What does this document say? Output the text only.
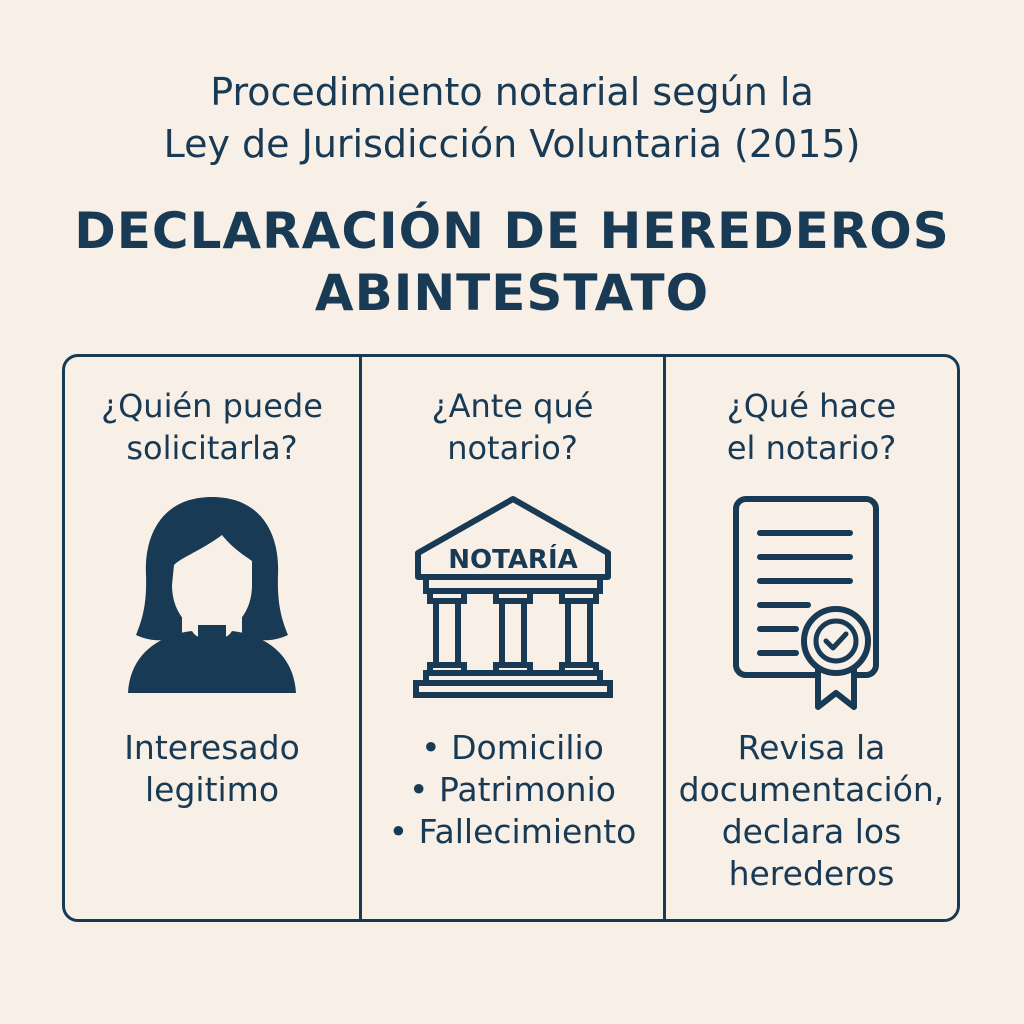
Procedimiento notarial según la
Ley de Jurisdicción Voluntaria (2015)
DECLARACIÓN DE HEREDEROS
ABINTESTATO
¿Quién puede
solicitarla?
Interesado
legitimo
¿Ante qué
notario?
NOTARÍA
• Domicilio
• Patrimonio
• Fallecimiento
¿Qué hace
el notario?
Revisa la
documentación,
declara los
herederos
